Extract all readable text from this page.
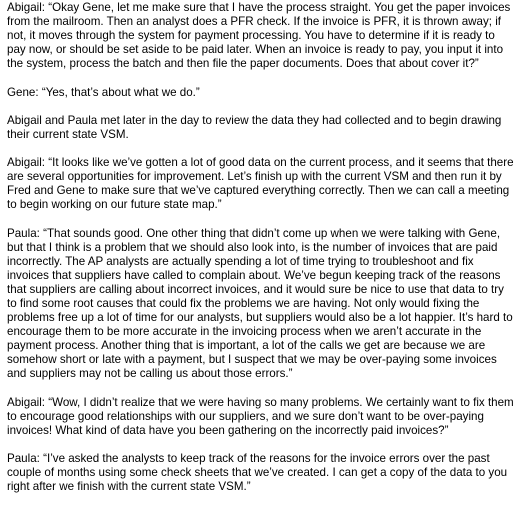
Abigail: “Okay Gene, let me make sure that I have the process straight. You get the paper invoices from the mailroom. Then an analyst does a PFR check. If the invoice is PFR, it is thrown away; if not, it moves through the system for payment processing. You have to determine if it is ready to pay now, or should be set aside to be paid later. When an invoice is ready to pay, you input it into the system, process the batch and then file the paper documents. Does that about cover it?”

Gene: “Yes, that’s about what we do.”

Abigail and Paula met later in the day to review the data they had collected and to begin drawing their current state VSM.

Abigail: “It looks like we’ve gotten a lot of good data on the current process, and it seems that there are several opportunities for improvement. Let’s finish up with the current VSM and then run it by Fred and Gene to make sure that we’ve captured everything correctly. Then we can call a meeting to begin working on our future state map.”

Paula: “That sounds good. One other thing that didn’t come up when we were talking with Gene, but that I think is a problem that we should also look into, is the number of invoices that are paid incorrectly. The AP analysts are actually spending a lot of time trying to troubleshoot and fix invoices that suppliers have called to complain about. We’ve begun keeping track of the reasons that suppliers are calling about incorrect invoices, and it would sure be nice to use that data to try to find some root causes that could fix the problems we are having. Not only would fixing the problems free up a lot of time for our analysts, but suppliers would also be a lot happier. It’s hard to encourage them to be more accurate in the invoicing process when we aren’t accurate in the payment process. Another thing that is important, a lot of the calls we get are because we are somehow short or late with a payment, but I suspect that we may be over-paying some invoices and suppliers may not be calling us about those errors.”

Abigail: “Wow, I didn’t realize that we were having so many problems. We certainly want to fix them to encourage good relationships with our suppliers, and we sure don’t want to be over-paying invoices! What kind of data have you been gathering on the incorrectly paid invoices?”

Paula: “I’ve asked the analysts to keep track of the reasons for the invoice errors over the past couple of months using some check sheets that we’ve created. I can get a copy of the data to you right after we finish with the current state VSM.”
